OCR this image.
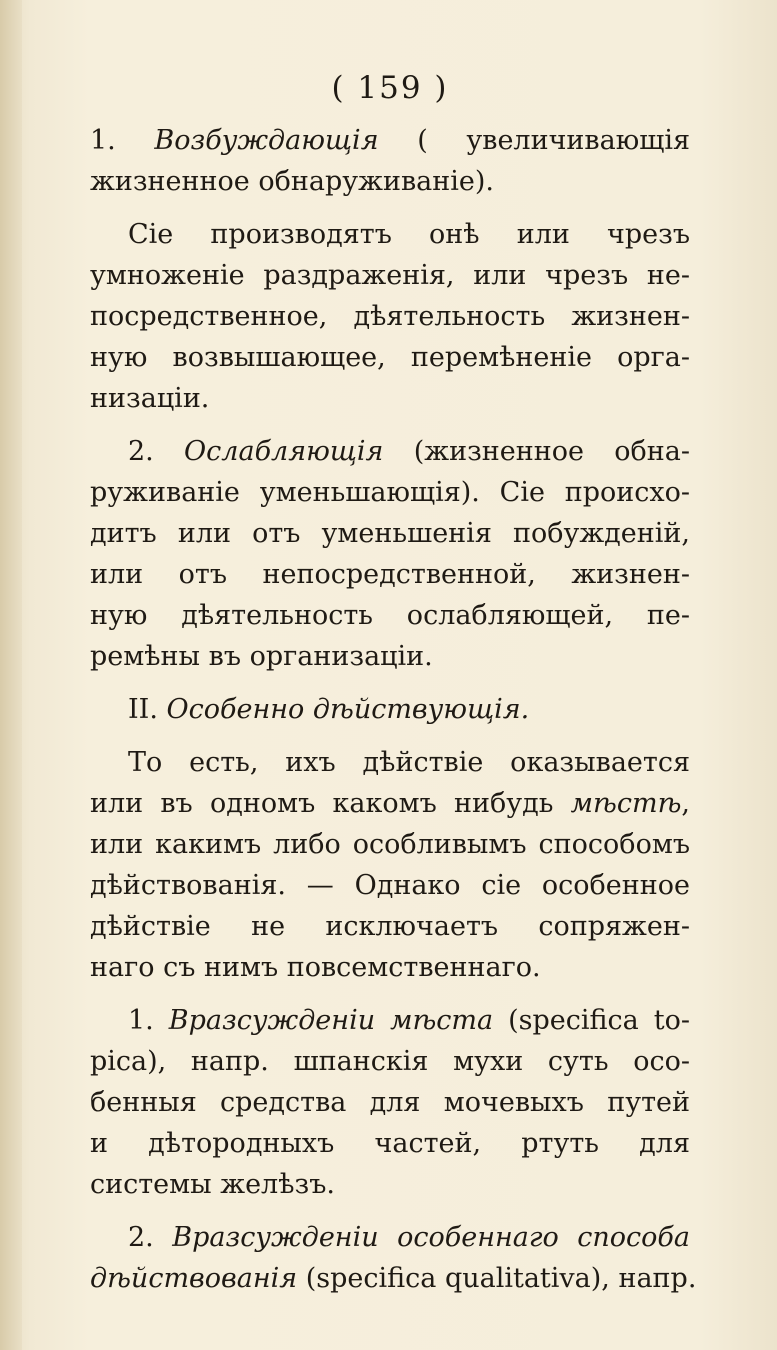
( 159 )
1. Возбуждающія ( увеличивающія
жизненное обнаруживаніе).
Сіе производятъ онѣ или чрезъ
умноженіе раздраженія, или чрезъ не-
посредственное, дѣятельность жизнен-
ную возвышающее, перемѣненіе орга-
низаціи.
2. Ослабляющія (жизненное обна-
руживаніе уменьшающія). Сіе происхо-
дитъ или отъ уменьшенія побужденій,
или отъ непосредственной, жизнен-
ную дѣятельность ослабляющей, пе-
ремѣны въ организаціи.
II. Особенно дѣйствующія.
То есть, ихъ дѣйствіе оказывается
или въ одномъ какомъ нибудь мѣстѣ,
или какимъ либо особливымъ способомъ
дѣйствованія. — Однако сіе особенное
дѣйствіе не исключаетъ сопряжен-
наго съ нимъ повсемственнаго.
1. Вразсужденіи мѣста (specifica to-
pica), напр. шпанскія мухи суть осо-
бенныя средства для мочевыхъ путей
и дѣтородныхъ частей, ртуть для
системы желѣзъ.
2. Вразсужденіи особеннаго способа
дѣйствованія (specifica qualitativa), напр.
